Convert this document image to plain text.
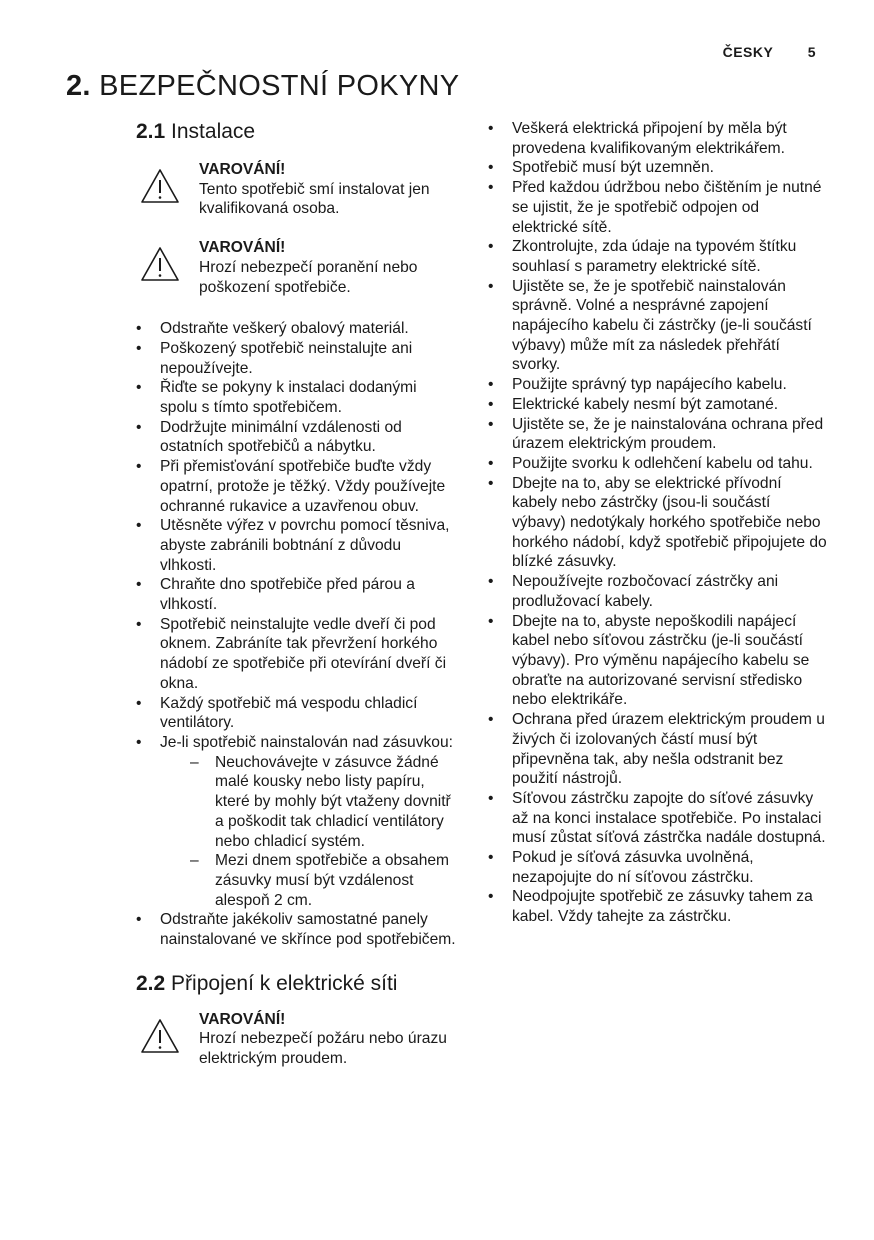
ČESKY 5
2. BEZPEČNOSTNÍ POKYNY
2.1 Instalace
VAROVÁNÍ!
Tento spotřebič smí instalovat jen kvalifikovaná osoba.
VAROVÁNÍ!
Hrozí nebezpečí poranění nebo poškození spotřebiče.
• Odstraňte veškerý obalový materiál.
• Poškozený spotřebič neinstalujte ani nepoužívejte.
• Řiďte se pokyny k instalaci dodanými spolu s tímto spotřebičem.
• Dodržujte minimální vzdálenosti od ostatních spotřebičů a nábytku.
• Při přemisťování spotřebiče buďte vždy opatrní, protože je těžký. Vždy používejte ochranné rukavice a uzavřenou obuv.
• Utěsněte výřez v povrchu pomocí těsniva, abyste zabránili bobtnání z důvodu vlhkosti.
• Chraňte dno spotřebiče před párou a vlhkostí.
• Spotřebič neinstalujte vedle dveří či pod oknem. Zabráníte tak převržení horkého nádobí ze spotřebiče při otevírání dveří či okna.
• Každý spotřebič má vespodu chladicí ventilátory.
• Je-li spotřebič nainstalován nad zásuvkou:
– Neuchovávejte v zásuvce žádné malé kousky nebo listy papíru, které by mohly být vtaženy dovnitř a poškodit tak chladicí ventilátory nebo chladicí systém.
– Mezi dnem spotřebiče a obsahem zásuvky musí být vzdálenost alespoň 2 cm.
• Odstraňte jakékoliv samostatné panely nainstalované ve skřínce pod spotřebičem.
2.2 Připojení k elektrické síti
VAROVÁNÍ!
Hrozí nebezpečí požáru nebo úrazu elektrickým proudem.
• Veškerá elektrická připojení by měla být provedena kvalifikovaným elektrikářem.
• Spotřebič musí být uzemněn.
• Před každou údržbou nebo čištěním je nutné se ujistit, že je spotřebič odpojen od elektrické sítě.
• Zkontrolujte, zda údaje na typovém štítku souhlasí s parametry elektrické sítě.
• Ujistěte se, že je spotřebič nainstalován správně. Volné a nesprávné zapojení napájecího kabelu či zástrčky (je-li součástí výbavy) může mít za následek přehřátí svorky.
• Použijte správný typ napájecího kabelu.
• Elektrické kabely nesmí být zamotané.
• Ujistěte se, že je nainstalována ochrana před úrazem elektrickým proudem.
• Použijte svorku k odlehčení kabelu od tahu.
• Dbejte na to, aby se elektrické přívodní kabely nebo zástrčky (jsou-li součástí výbavy) nedotýkaly horkého spotřebiče nebo horkého nádobí, když spotřebič připojujete do blízké zásuvky.
• Nepoužívejte rozbočovací zástrčky ani prodlužovací kabely.
• Dbejte na to, abyste nepoškodili napájecí kabel nebo síťovou zástrčku (je-li součástí výbavy). Pro výměnu napájecího kabelu se obraťte na autorizované servisní středisko nebo elektrikáře.
• Ochrana před úrazem elektrickým proudem u živých či izolovaných částí musí být připevněna tak, aby nešla odstranit bez použití nástrojů.
• Síťovou zástrčku zapojte do síťové zásuvky až na konci instalace spotřebiče. Po instalaci musí zůstat síťová zástrčka nadále dostupná.
• Pokud je síťová zásuvka uvolněná, nezapojujte do ní síťovou zástrčku.
• Neodpojujte spotřebič ze zásuvky tahem za kabel. Vždy tahejte za zástrčku.
